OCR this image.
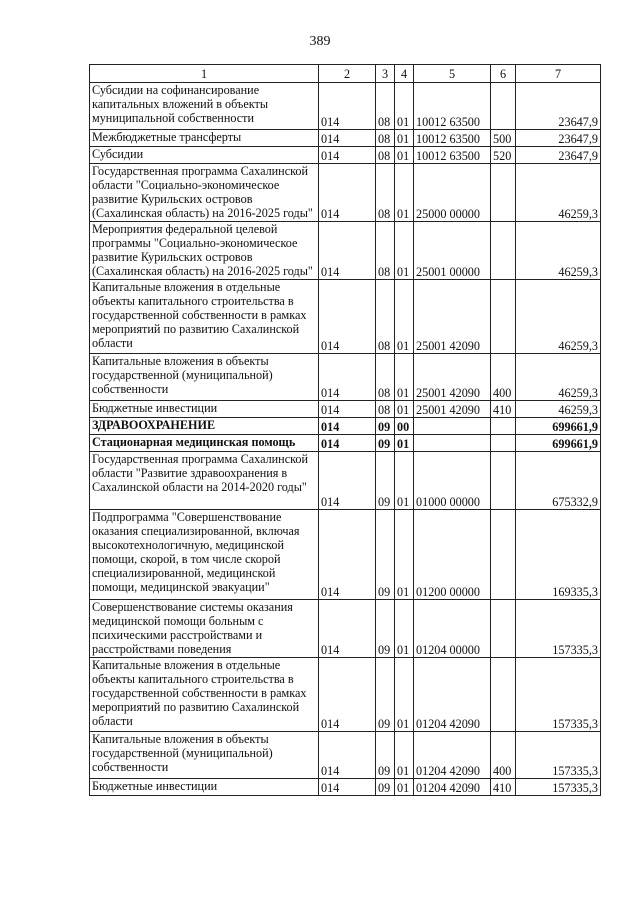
389
1	2	3	4	5	6	7
Субсидии на софинансирование капитальных вложений в объекты муниципальной собственности	014	08	01	10012 63500		23647,9
Межбюджетные трансферты	014	08	01	10012 63500	500	23647,9
Субсидии	014	08	01	10012 63500	520	23647,9
Государственная программа Сахалинской области "Социально-экономическое развитие Курильских островов (Сахалинская область) на 2016-2025 годы"	014	08	01	25000 00000		46259,3
Мероприятия федеральной целевой программы "Социально-экономическое развитие Курильских островов (Сахалинская область) на 2016-2025 годы"	014	08	01	25001 00000		46259,3
Капитальные вложения в отдельные объекты капитального строительства в государственной собственности в рамках мероприятий по развитию Сахалинской области	014	08	01	25001 42090		46259,3
Капитальные вложения в объекты государственной (муниципальной) собственности	014	08	01	25001 42090	400	46259,3
Бюджетные инвестиции	014	08	01	25001 42090	410	46259,3
ЗДРАВООХРАНЕНИЕ	014	09	00			699661,9
Стационарная медицинская помощь	014	09	01			699661,9
Государственная программа Сахалинской области "Развитие здравоохранения в Сахалинской области на 2014-2020 годы"	014	09	01	01000 00000		675332,9
Подпрограмма "Совершенствование оказания специализированной, включая высокотехнологичную, медицинской помощи, скорой, в том числе скорой специализированной, медицинской помощи, медицинской эвакуации"	014	09	01	01200 00000		169335,3
Совершенствование системы оказания медицинской помощи больным с психическими расстройствами и расстройствами поведения	014	09	01	01204 00000		157335,3
Капитальные вложения в отдельные объекты капитального строительства в государственной собственности в рамках мероприятий по развитию Сахалинской области	014	09	01	01204 42090		157335,3
Капитальные вложения в объекты государственной (муниципальной) собственности	014	09	01	01204 42090	400	157335,3
Бюджетные инвестиции	014	09	01	01204 42090	410	157335,3
